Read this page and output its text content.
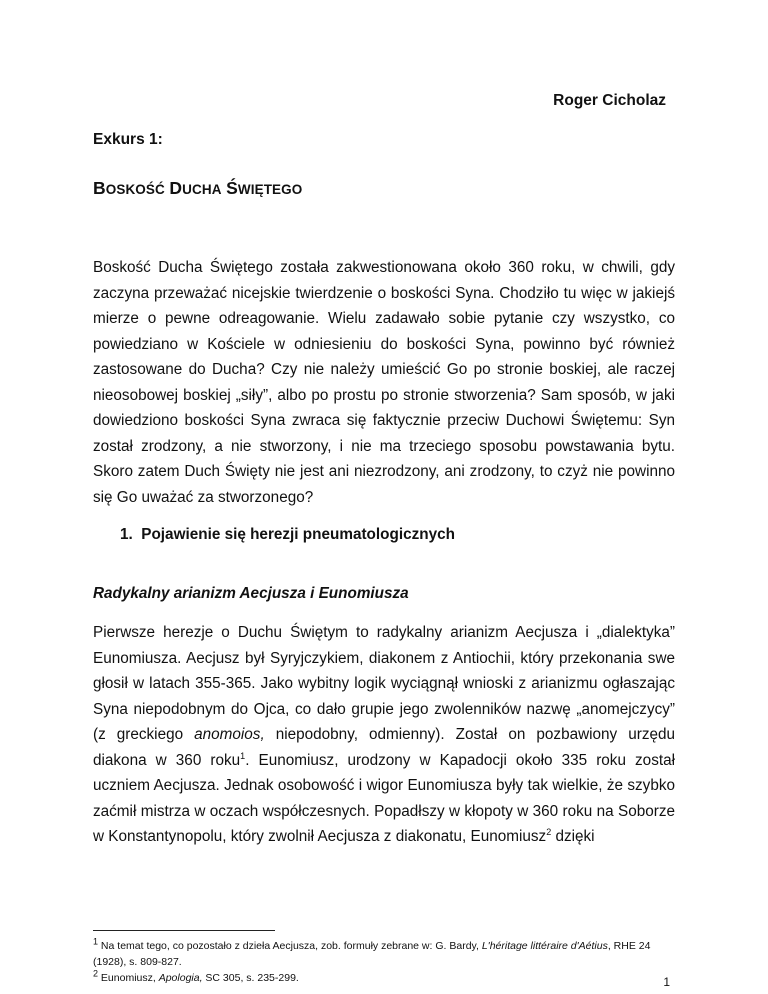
Roger Cicholaz
Exkurs 1:
BOSKOŚĆ DUCHA ŚWIĘTEGO

Boskość Ducha Świętego została zakwestionowana około 360 roku, w chwili, gdy zaczyna przeważać nicejskie twierdzenie o boskości Syna. Chodziło tu więc w jakiejś mierze o pewne odreagowanie. Wielu zadawało sobie pytanie czy wszystko, co powiedziano w Kościele w odniesieniu do boskości Syna, powinno być również zastosowane do Ducha? Czy nie należy umieścić Go po stronie boskiej, ale raczej nieosobowej boskiej „siły”, albo po prostu po stronie stworzenia? Sam sposób, w jaki dowiedziono boskości Syna zwraca się faktycznie przeciw Duchowi Świętemu: Syn został zrodzony, a nie stworzony, i nie ma trzeciego sposobu powstawania bytu. Skoro zatem Duch Święty nie jest ani niezrodzony, ani zrodzony, to czyż nie powinno się Go uważać za stworzonego?

1. Pojawienie się herezji pneumatologicznych
Radykalny arianizm Aecjusza i Eunomiusza

Pierwsze herezje o Duchu Świętym to radykalny arianizm Aecjusza i „dialektyka” Eunomiusza. Aecjusz był Syryjczykiem, diakonem z Antiochii, który przekonania swe głosił w latach 355-365. Jako wybitny logik wyciągnął wnioski z arianizmu ogłaszając Syna niepodobnym do Ojca, co dało grupie jego zwolenników nazwę „anomejczycy” (z greckiego anomoios, niepodobny, odmienny). Został on pozbawiony urzędu diakona w 360 roku$^1$. Eunomiusz, urodzony w Kapadocji około 335 roku został uczniem Aecjusza. Jednak osobowość i wigor Eunomiusza były tak wielkie, że szybko zaćmił mistrza w oczach współczesnych. Popadłszy w kłopoty w 360 roku na Soborze w Konstantynopolu, który zwolnił Aecjusza z diakonatu, Eunomiusz$^2$ dzięki

$^1$ Na temat tego, co pozostało z dzieła Aecjusza, zob. formuły zebrane w: G. Bardy, L'héritage littéraire d'Aétius, RHE 24 (1928), s. 809-827.

$^2$ Eunomiusz, Apologia, SC 305, s. 235-299.	1
